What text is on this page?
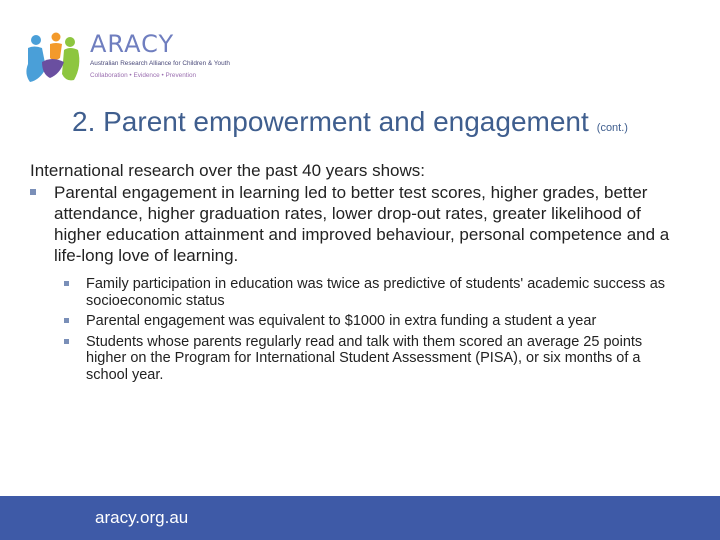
ARACY
Australian Research Alliance for Children & Youth
Collaboration • Evidence • Prevention
2. Parent empowerment and engagement (cont.)

International research over the past 40 years shows:

Parental engagement in learning led to better test scores, higher grades, better attendance, higher graduation rates, lower drop-out rates, greater likelihood of higher education attainment and improved behaviour, personal competence and a life-long love of learning.
Family participation in education was twice as predictive of students' academic success as socioeconomic status
Parental engagement was equivalent to $1000 in extra funding a student a year
Students whose parents regularly read and talk with them scored an average 25 points higher on the Program for International Student Assessment (PISA), or six months of a school year.
aracy.org.au
